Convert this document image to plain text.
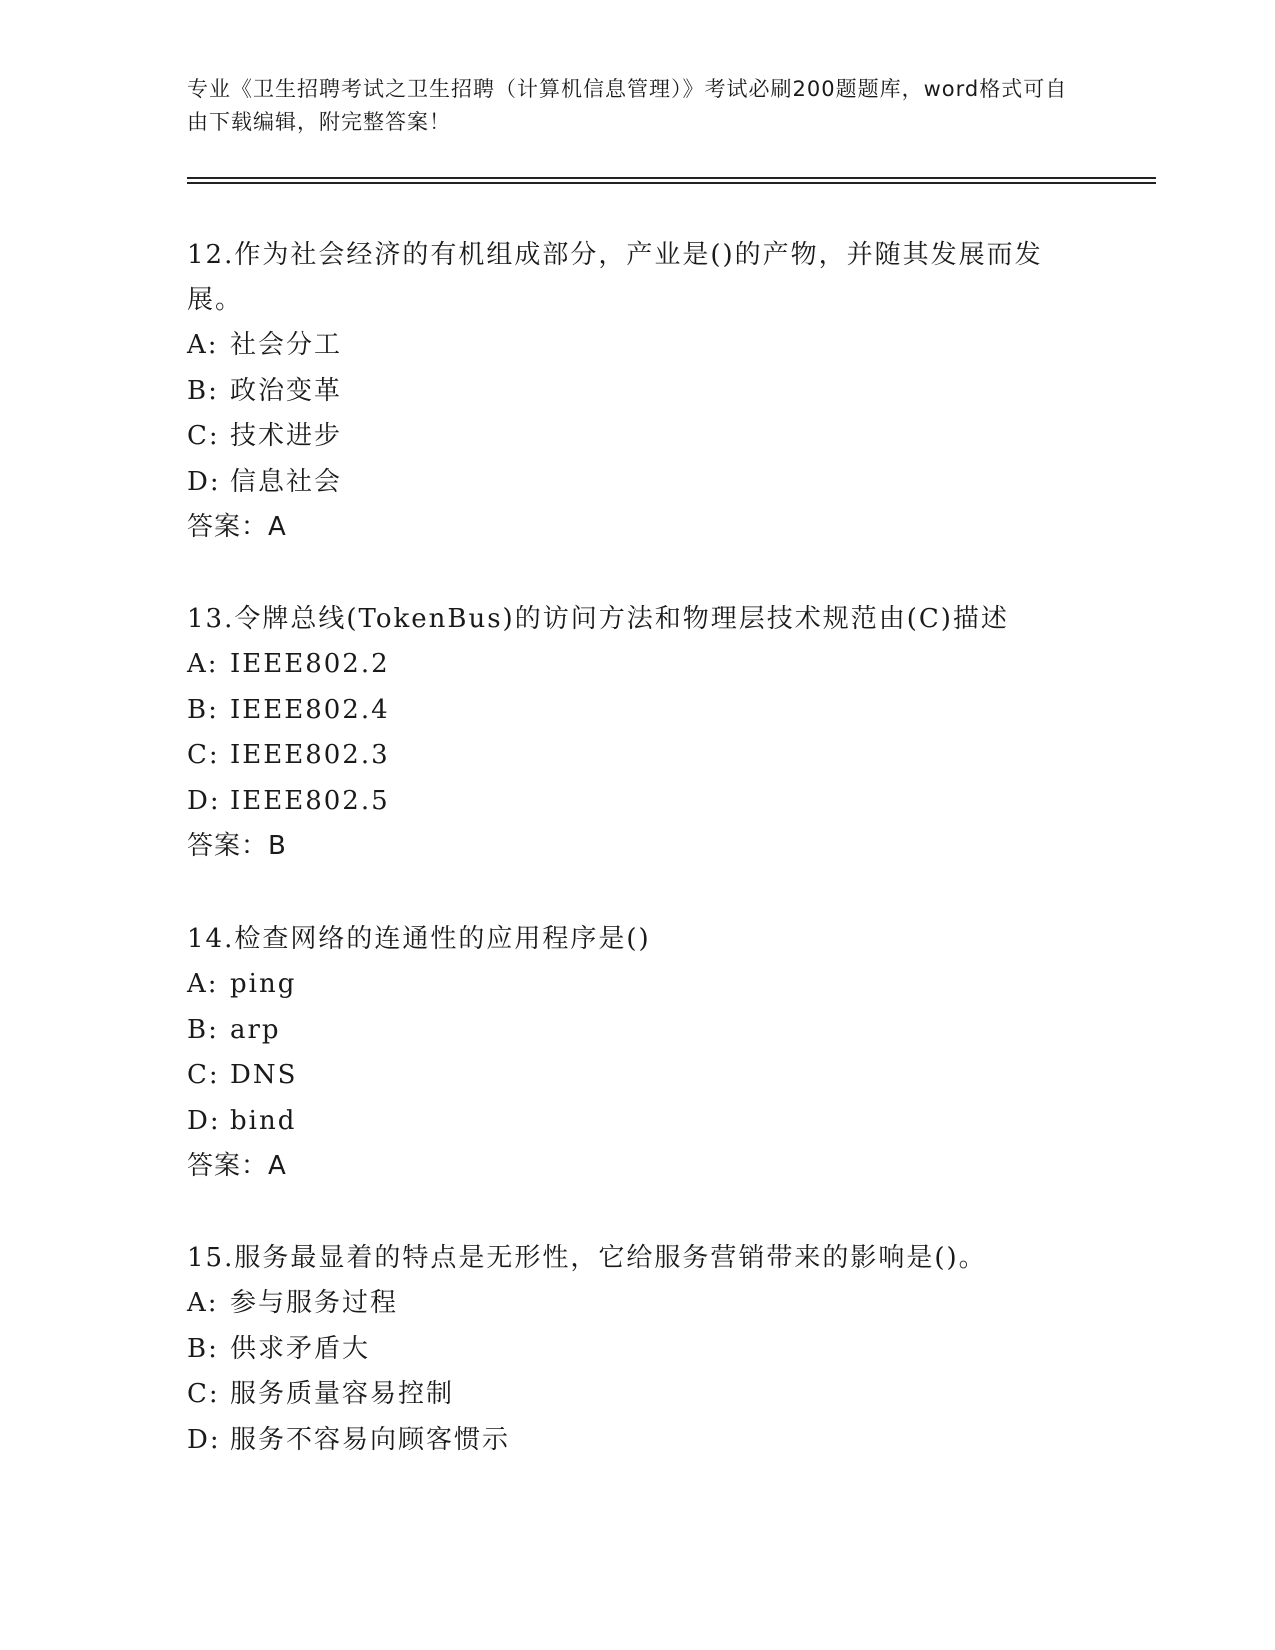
专业《卫生招聘考试之卫生招聘（计算机信息管理）》考试必刷200题题库，word格式可自由下载编辑，附完整答案！
12.作为社会经济的有机组成部分，产业是()的产物，并随其发展而发展。
A: 社会分工
B: 政治变革
C: 技术进步
D: 信息社会
答案：A
13.令牌总线(TokenBus)的访问方法和物理层技术规范由(C)描述
A: IEEE802.2
B: IEEE802.4
C: IEEE802.3
D: IEEE802.5
答案：B
14.检查网络的连通性的应用程序是()
A: ping
B: arp
C: DNS
D: bind
答案：A
15.服务最显着的特点是无形性，它给服务营销带来的影响是()。
A: 参与服务过程
B: 供求矛盾大
C: 服务质量容易控制
D: 服务不容易向顾客惯示
